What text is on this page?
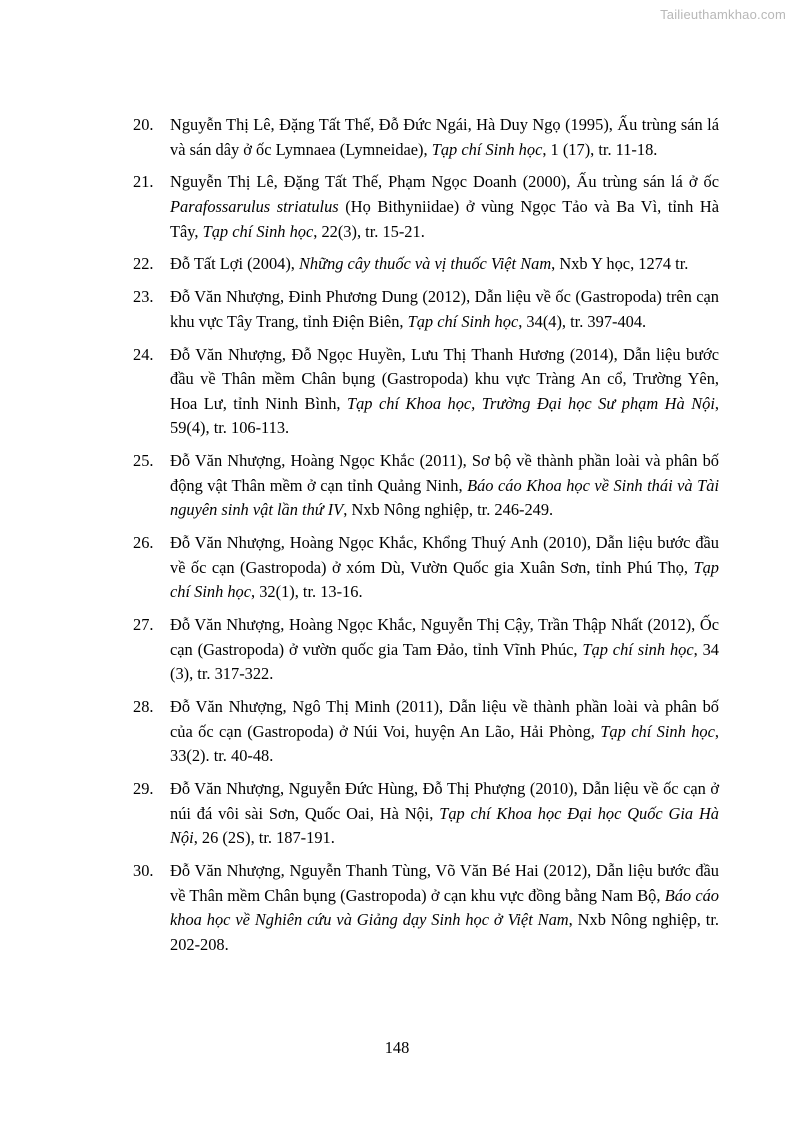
Tailieuthamkhao.com
20. Nguyễn Thị Lê, Đặng Tất Thế, Đỗ Đức Ngái, Hà Duy Ngọ (1995), Ấu trùng sán lá và sán dây ở ốc Lymnaea (Lymneidae), Tạp chí Sinh học, 1 (17), tr. 11-18.
21. Nguyễn Thị Lê, Đặng Tất Thế, Phạm Ngọc Doanh (2000), Ấu trùng sán lá ở ốc Parafossarulus striatulus (Họ Bithyniidae) ở vùng Ngọc Tảo và Ba Vì, tỉnh Hà Tây, Tạp chí Sinh học, 22(3), tr. 15-21.
22. Đỗ Tất Lợi (2004), Những cây thuốc và vị thuốc Việt Nam, Nxb Y học, 1274 tr.
23. Đỗ Văn Nhượng, Đinh Phương Dung (2012), Dẫn liệu về ốc (Gastropoda) trên cạn khu vực Tây Trang, tỉnh Điện Biên, Tạp chí Sinh học, 34(4), tr. 397-404.
24. Đỗ Văn Nhượng, Đỗ Ngọc Huyền, Lưu Thị Thanh Hương (2014), Dẫn liệu bước đầu về Thân mềm Chân bụng (Gastropoda) khu vực Tràng An cổ, Trường Yên, Hoa Lư, tỉnh Ninh Bình, Tạp chí Khoa học, Trường Đại học Sư phạm Hà Nội, 59(4), tr. 106-113.
25. Đỗ Văn Nhượng, Hoàng Ngọc Khắc (2011), Sơ bộ về thành phần loài và phân bố động vật Thân mềm ở cạn tỉnh Quảng Ninh, Báo cáo Khoa học về Sinh thái và Tài nguyên sinh vật lần thứ IV, Nxb Nông nghiệp, tr. 246-249.
26. Đỗ Văn Nhượng, Hoàng Ngọc Khắc, Khổng Thuý Anh (2010), Dẫn liệu bước đầu về ốc cạn (Gastropoda) ở xóm Dù, Vườn Quốc gia Xuân Sơn, tỉnh Phú Thọ, Tạp chí Sinh học, 32(1), tr. 13-16.
27. Đỗ Văn Nhượng, Hoàng Ngọc Khắc, Nguyễn Thị Cậy, Trần Thập Nhất (2012), Ốc cạn (Gastropoda) ở vườn quốc gia Tam Đảo, tỉnh Vĩnh Phúc, Tạp chí sinh học, 34 (3), tr. 317-322.
28. Đỗ Văn Nhượng, Ngô Thị Minh (2011), Dẫn liệu về thành phần loài và phân bố của ốc cạn (Gastropoda) ở Núi Voi, huyện An Lão, Hải Phòng, Tạp chí Sinh học, 33(2). tr. 40-48.
29. Đỗ Văn Nhượng, Nguyễn Đức Hùng, Đỗ Thị Phượng (2010), Dẫn liệu về ốc cạn ở núi đá vôi sài Sơn, Quốc Oai, Hà Nội, Tạp chí Khoa học Đại học Quốc Gia Hà Nội, 26 (2S), tr. 187-191.
30. Đỗ Văn Nhượng, Nguyễn Thanh Tùng, Võ Văn Bé Hai (2012), Dẫn liệu bước đầu về Thân mềm Chân bụng (Gastropoda) ở cạn khu vực đồng bằng Nam Bộ, Báo cáo khoa học về Nghiên cứu và Giảng dạy Sinh học ở Việt Nam, Nxb Nông nghiệp, tr. 202-208.
148
